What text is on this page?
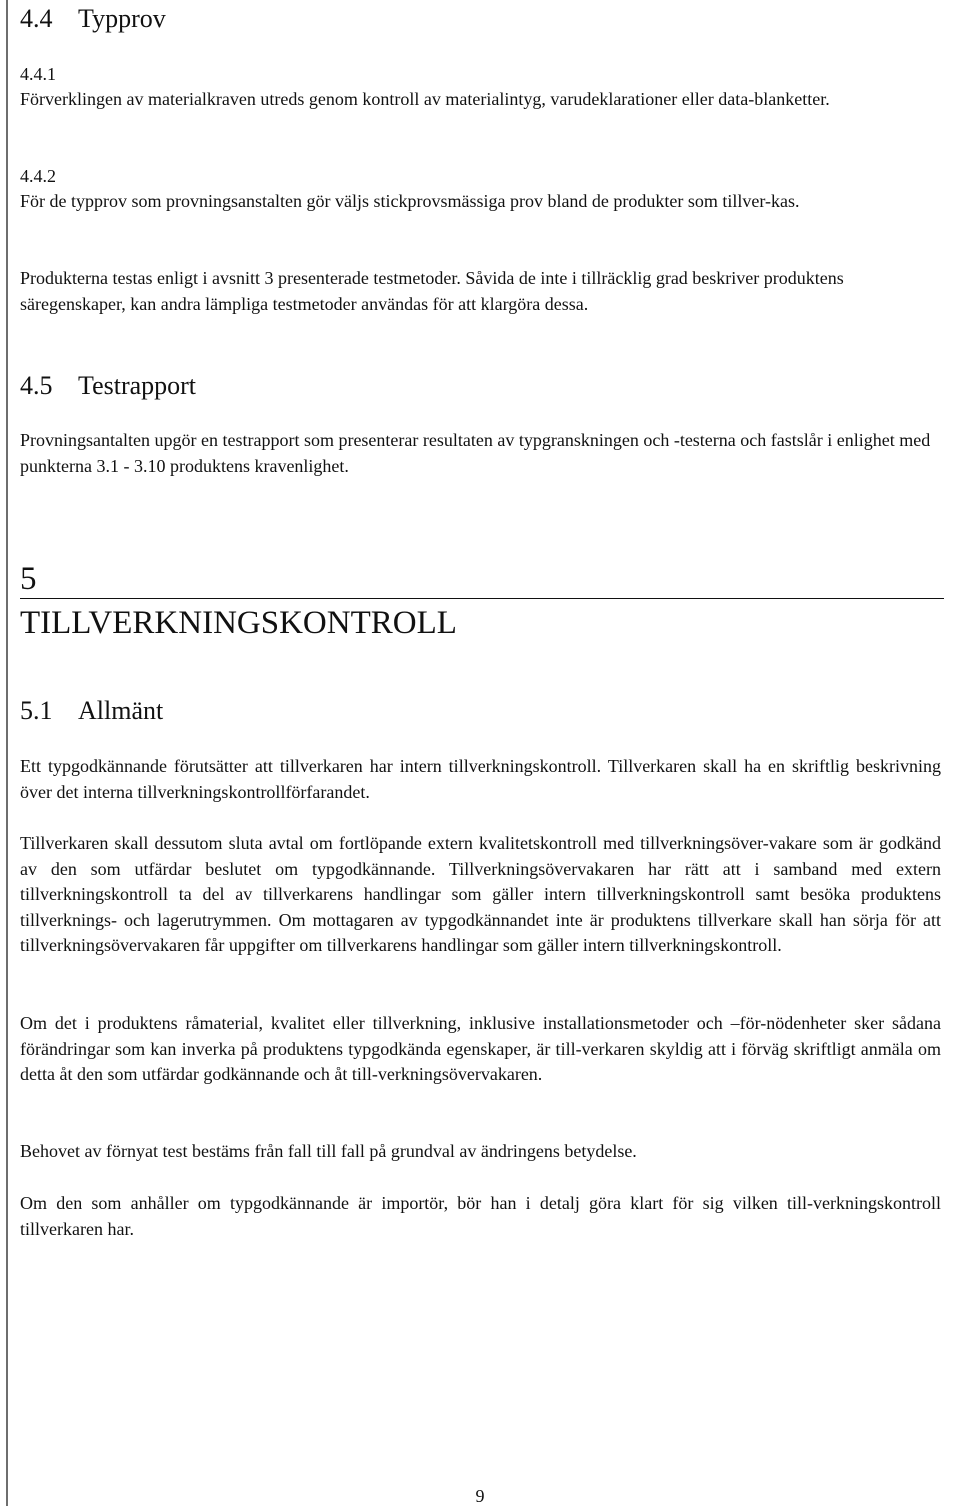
4.4 Typprov
4.4.1

Förverklingen av materialkraven utreds genom kontroll av materialintyg, varudeklarationer eller data-blanketter.

4.4.2

För de typprov som provningsanstalten gör väljs stickprovsmässiga prov bland de produkter som tillver-kas.

Produkterna testas enligt i avsnitt 3 presenterade testmetoder. Såvida de inte i tillräcklig grad beskriver produktens säregenskaper, kan andra lämpliga testmetoder användas för att klargöra dessa.

4.5 Testrapport

Provningsantalten upgör en testrapport som presenterar resultaten av typgranskningen och -testerna och fastslår i enlighet med punkterna 3.1 - 3.10 produktens kravenlighet.

5
TILLVERKNINGSKONTROLL
5.1 Allmänt

Ett typgodkännande förutsätter att tillverkaren har intern tillverkningskontroll. Tillverkaren skall ha en skriftlig beskrivning över det interna tillverkningskontrollförfarandet.

Tillverkaren skall dessutom sluta avtal om fortlöpande extern kvalitetskontroll med tillverkningsöver-vakare som är godkänd av den som utfärdar beslutet om typgodkännande. Tillverkningsövervakaren har rätt att i samband med extern tillverkningskontroll ta del av tillverkarens handlingar som gäller intern tillverkningskontroll samt besöka produktens tillverknings- och lagerutrymmen. Om mottagaren av typgodkännandet inte är produktens tillverkare skall han sörja för att tillverkningsövervakaren får uppgifter om tillverkarens handlingar som gäller intern tillverkningskontroll.

Om det i produktens råmaterial, kvalitet eller tillverkning, inklusive installationsmetoder och –för-nödenheter sker sådana förändringar som kan inverka på produktens typgodkända egenskaper, är till-verkaren skyldig att i förväg skriftligt anmäla om detta åt den som utfärdar godkännande och åt till-verkningsövervakaren.

Behovet av förnyat test bestäms från fall till fall på grundval av ändringens betydelse.

Om den som anhåller om typgodkännande är importör, bör han i detalj göra klart för sig vilken till-verkningskontroll tillverkaren har.

9
